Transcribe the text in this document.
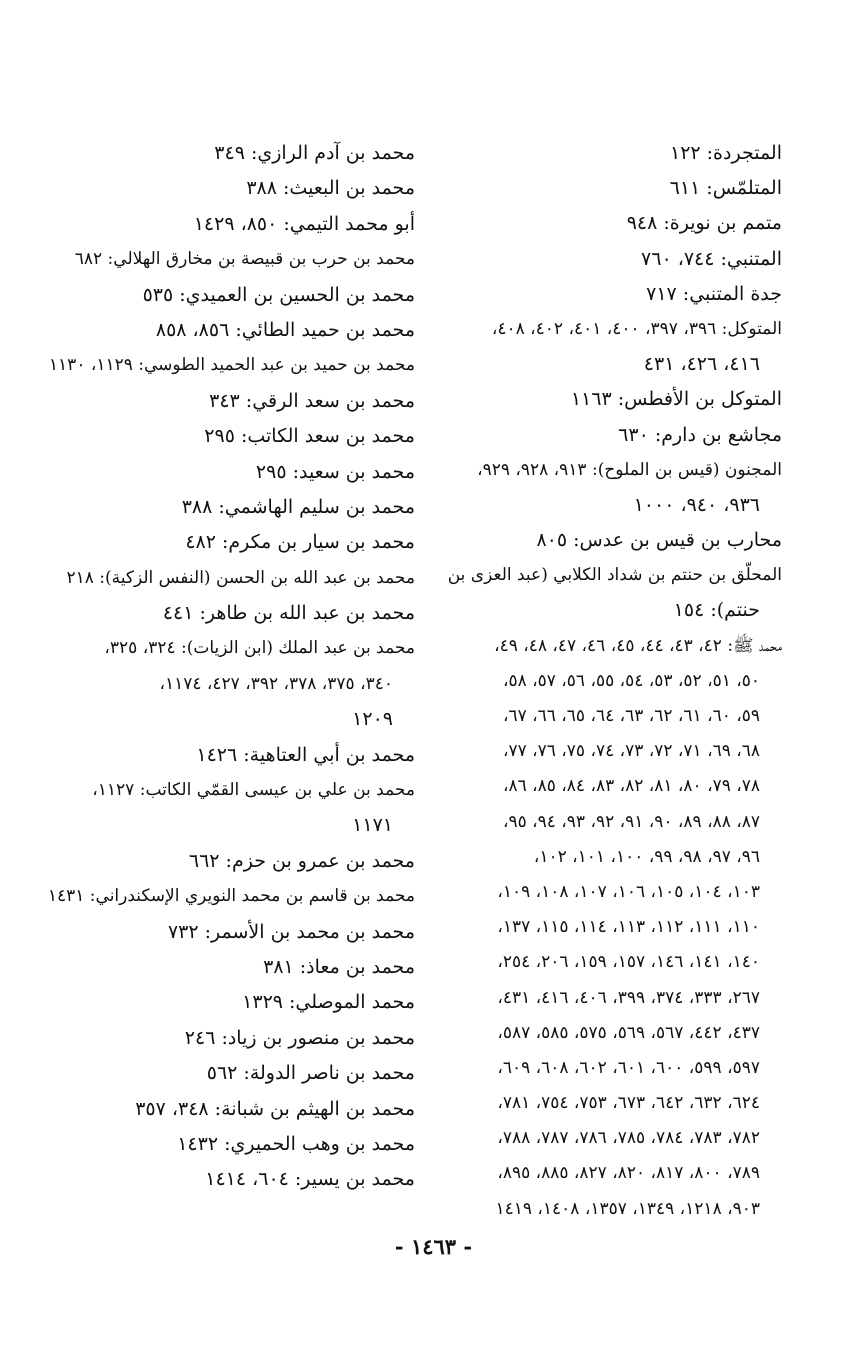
المتجردة: ١٢٢
المتلمّس: ٦١١
متمم بن نويرة: ٩٤٨
المتنبي: ٧٤٤، ٧٦٠
جدة المتنبي: ٧١٧
المتوكل: ٣٩٦، ٣٩٧، ٤٠٠، ٤٠١، ٤٠٢، ٤٠٨،
٤١٦، ٤٢٦، ٤٣١
المتوكل بن الأفطس: ١١٦٣
مجاشع بن دارم: ٦٣٠
المجنون (قيس بن الملوح): ٩١٣، ٩٢٨، ٩٢٩،
٩٣٦، ٩٤٠، ١٠٠٠
محارب بن قيس بن عدس: ٨٠٥
المحلّق بن حنتم بن شداد الكلابي (عبد العزى بن
حنتم): ١٥٤
محمد ﷺ: ٤٢، ٤٣، ٤٤، ٤٥، ٤٦، ٤٧، ٤٨، ٤٩،
٥٠، ٥١، ٥٢، ٥٣، ٥٤، ٥٥، ٥٦، ٥٧، ٥٨،
٥٩، ٦٠، ٦١، ٦٢، ٦٣، ٦٤، ٦٥، ٦٦، ٦٧،
٦٨، ٦٩، ٧١، ٧٢، ٧٣، ٧٤، ٧٥، ٧٦، ٧٧،
٧٨، ٧٩، ٨٠، ٨١، ٨٢، ٨٣، ٨٤، ٨٥، ٨٦،
٨٧، ٨٨، ٨٩، ٩٠، ٩١، ٩٢، ٩٣، ٩٤، ٩٥،
٩٦، ٩٧، ٩٨، ٩٩، ١٠٠، ١٠١، ١٠٢،
١٠٣، ١٠٤، ١٠٥، ١٠٦، ١٠٧، ١٠٨، ١٠٩،
١١٠، ١١١، ١١٢، ١١٣، ١١٤، ١١٥، ١٣٧،
١٤٠، ١٤١، ١٤٦، ١٥٧، ١٥٩، ٢٠٦، ٢٥٤،
٢٦٧، ٣٣٣، ٣٧٤، ٣٩٩، ٤٠٦، ٤١٦، ٤٣١،
٤٣٧، ٤٤٢، ٥٦٧، ٥٦٩، ٥٧٥، ٥٨٥، ٥٨٧،
٥٩٧، ٥٩٩، ٦٠٠، ٦٠١، ٦٠٢، ٦٠٨، ٦٠٩،
٦٢٤، ٦٣٢، ٦٤٢، ٦٧٣، ٧٥٣، ٧٥٤، ٧٨١،
٧٨٢، ٧٨٣، ٧٨٤، ٧٨٥، ٧٨٦، ٧٨٧، ٧٨٨،
٧٨٩، ٨٠٠، ٨١٧، ٨٢٠، ٨٢٧، ٨٨٥، ٨٩٥،
٩٠٣، ١٢١٨، ١٣٤٩، ١٣٥٧، ١٤٠٨، ١٤١٩
محمد بن آدم الرازي: ٣٤٩
محمد بن البعيث: ٣٨٨
أبو محمد التيمي: ٨٥٠، ١٤٢٩
محمد بن حرب بن قبيصة بن مخارق الهلالي: ٦٨٢
محمد بن الحسين بن العميدي: ٥٣٥
محمد بن حميد الطائي: ٨٥٦، ٨٥٨
محمد بن حميد بن عبد الحميد الطوسي: ١١٢٩، ١١٣٠
محمد بن سعد الرقي: ٣٤٣
محمد بن سعد الكاتب: ٢٩٥
محمد بن سعيد: ٢٩٥
محمد بن سليم الهاشمي: ٣٨٨
محمد بن سيار بن مكرم: ٤٨٢
محمد بن عبد الله بن الحسن (النفس الزكية): ٢١٨
محمد بن عبد الله بن طاهر: ٤٤١
محمد بن عبد الملك (ابن الزيات): ٣٢٤، ٣٢٥،
٣٤٠، ٣٧٥، ٣٧٨، ٣٩٢، ٤٢٧، ١١٧٤،
١٢٠٩
محمد بن أبي العتاهية: ١٤٢٦
محمد بن علي بن عيسى القمّي الكاتب: ١١٢٧،
١١٧١
محمد بن عمرو بن حزم: ٦٦٢
محمد بن قاسم بن محمد النويري الإسكندراني: ١٤٣١
محمد بن محمد بن الأسمر: ٧٣٢
محمد بن معاذ: ٣٨١
محمد الموصلي: ١٣٢٩
محمد بن منصور بن زياد: ٢٤٦
محمد بن ناصر الدولة: ٥٦٢
محمد بن الهيثم بن شبانة: ٣٤٨، ٣٥٧
محمد بن وهب الحميري: ١٤٣٢
محمد بن يسير: ٦٠٤، ١٤١٤
- ١٤٦٣ -
